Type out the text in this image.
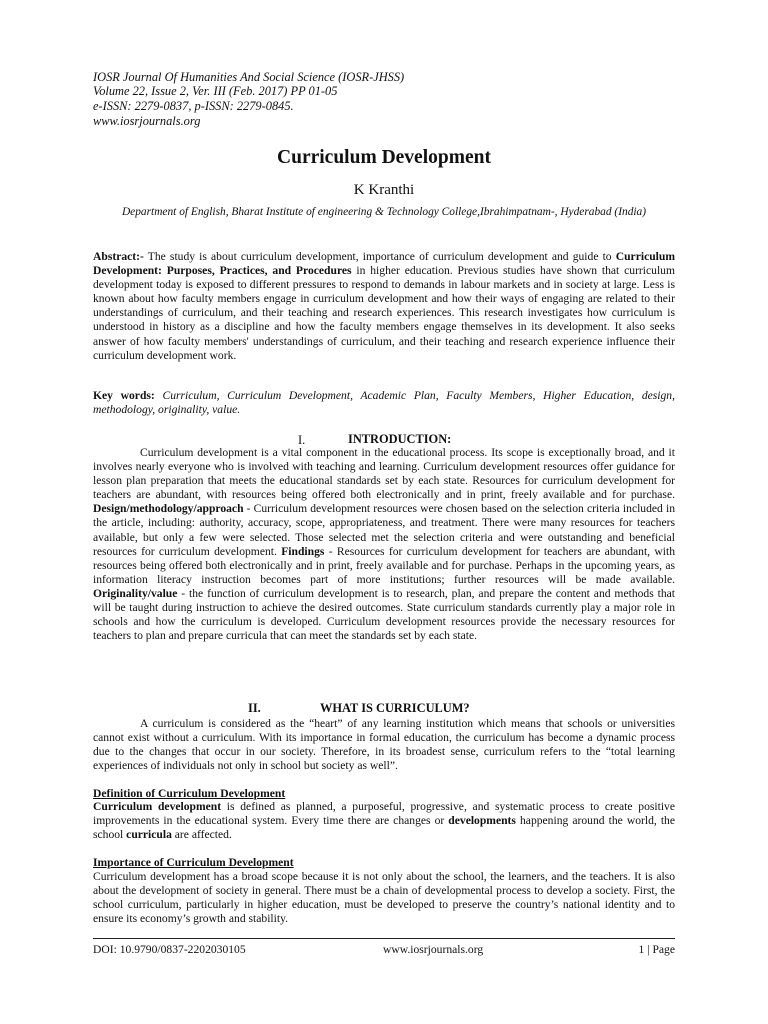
IOSR Journal Of Humanities And Social Science (IOSR-JHSS)
Volume 22, Issue 2, Ver. III (Feb. 2017) PP 01-05
e-ISSN: 2279-0837, p-ISSN: 2279-0845.
www.iosrjournals.org
Curriculum Development
K Kranthi
Department of English, Bharat Institute of engineering & Technology College,Ibrahimpatnam-, Hyderabad (India)
Abstract:- The study is about curriculum development, importance of curriculum development and guide to Curriculum Development: Purposes, Practices, and Procedures in higher education. Previous studies have shown that curriculum development today is exposed to different pressures to respond to demands in labour markets and in society at large. Less is known about how faculty members engage in curriculum development and how their ways of engaging are related to their understandings of curriculum, and their teaching and research experiences. This research investigates how curriculum is understood in history as a discipline and how the faculty members engage themselves in its development. It also seeks answer of how faculty members' understandings of curriculum, and their teaching and research experience influence their curriculum development work.
Key words: Curriculum, Curriculum Development, Academic Plan, Faculty Members, Higher Education, design, methodology, originality, value.
I.	INTRODUCTION:
Curriculum development is a vital component in the educational process. Its scope is exceptionally broad, and it involves nearly everyone who is involved with teaching and learning. Curriculum development resources offer guidance for lesson plan preparation that meets the educational standards set by each state. Resources for curriculum development for teachers are abundant, with resources being offered both electronically and in print, freely available and for purchase. Design/methodology/approach - Curriculum development resources were chosen based on the selection criteria included in the article, including: authority, accuracy, scope, appropriateness, and treatment. There were many resources for teachers available, but only a few were selected. Those selected met the selection criteria and were outstanding and beneficial resources for curriculum development. Findings - Resources for curriculum development for teachers are abundant, with resources being offered both electronically and in print, freely available and for purchase. Perhaps in the upcoming years, as information literacy instruction becomes part of more institutions; further resources will be made available. Originality/value - the function of curriculum development is to research, plan, and prepare the content and methods that will be taught during instruction to achieve the desired outcomes. State curriculum standards currently play a major role in schools and how the curriculum is developed. Curriculum development resources provide the necessary resources for teachers to plan and prepare curricula that can meet the standards set by each state.
II.	WHAT IS CURRICULUM?
A curriculum is considered as the “heart” of any learning institution which means that schools or universities cannot exist without a curriculum. With its importance in formal education, the curriculum has become a dynamic process due to the changes that occur in our society. Therefore, in its broadest sense, curriculum refers to the “total learning experiences of individuals not only in school but society as well”.
Definition of Curriculum Development
Curriculum development is defined as planned, a purposeful, progressive, and systematic process to create positive improvements in the educational system. Every time there are changes or developments happening around the world, the school curricula are affected.
Importance of Curriculum Development
Curriculum development has a broad scope because it is not only about the school, the learners, and the teachers. It is also about the development of society in general. There must be a chain of developmental process to develop a society. First, the school curriculum, particularly in higher education, must be developed to preserve the country’s national identity and to ensure its economy’s growth and stability.
DOI: 10.9790/0837-2202030105	www.iosrjournals.org	1 | Page
